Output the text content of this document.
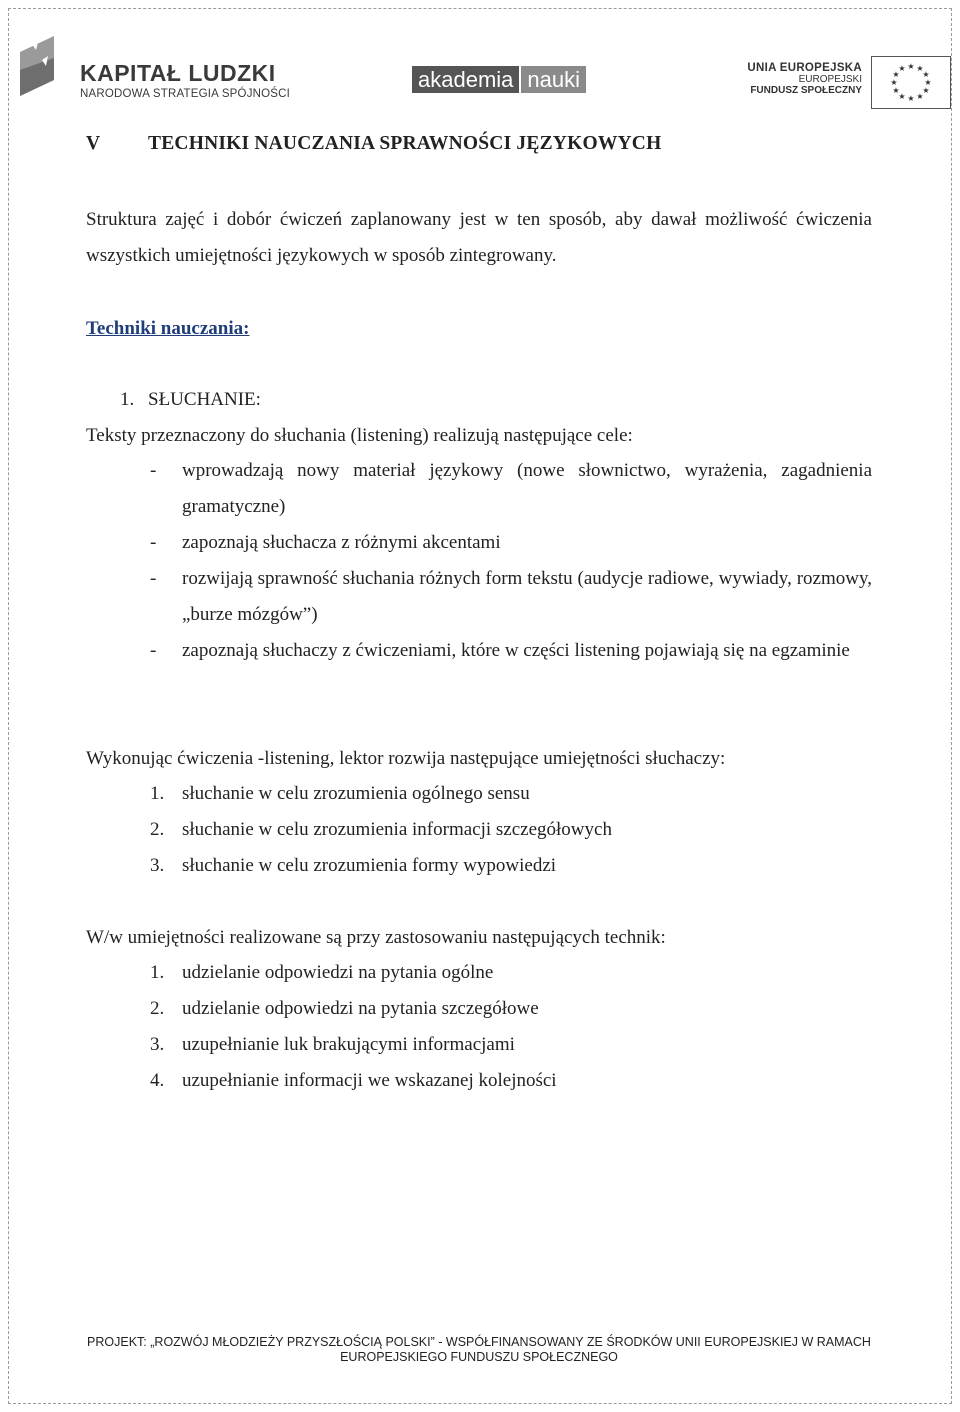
KAPITAŁ LUDZKI
NARODOWA STRATEGIA SPÓJNOŚCI
akademia nauki	UNIA EUROPEJSKA
EUROPEJSKI
FUNDUSZ SPOŁECZNY
★ ★
★
★
★
★
★
★
★
★
★
★
V	TECHNIKI NAUCZANIA SPRAWNOŚCI JĘZYKOWYCH
Struktura zajęć i dobór ćwiczeń zaplanowany jest w ten sposób, aby dawał możliwość ćwiczenia wszystkich umiejętności językowych w sposób zintegrowany.
Techniki nauczania:
1. SŁUCHANIE:
Teksty przeznaczony do słuchania (listening) realizują następujące cele:
- wprowadzają nowy materiał językowy (nowe słownictwo, wyrażenia, zagadnienia gramatyczne)
- zapoznają słuchacza z różnymi akcentami
- rozwijają sprawność słuchania różnych form tekstu (audycje radiowe, wywiady, rozmowy, „burze mózgów”)
- zapoznają słuchaczy z ćwiczeniami, które w części listening pojawiają się na egzaminie
Wykonując ćwiczenia -listening, lektor rozwija następujące umiejętności słuchaczy:
1. słuchanie w celu zrozumienia ogólnego sensu
2. słuchanie w celu zrozumienia informacji szczegółowych
3. słuchanie w celu zrozumienia formy wypowiedzi
W/w umiejętności realizowane są przy zastosowaniu następujących technik:
1. udzielanie odpowiedzi na pytania ogólne
2. udzielanie odpowiedzi na pytania szczegółowe
3. uzupełnianie luk brakującymi informacjami
4. uzupełnianie informacji we wskazanej kolejności
PROJEKT: „ROZWÓJ MŁODZIEŻY PRZYSZŁOŚCIĄ POLSKI” - WSPÓŁFINANSOWANY ZE ŚRODKÓW UNII EUROPEJSKIEJ W RAMACH
EUROPEJSKIEGO FUNDUSZU SPOŁECZNEGO
